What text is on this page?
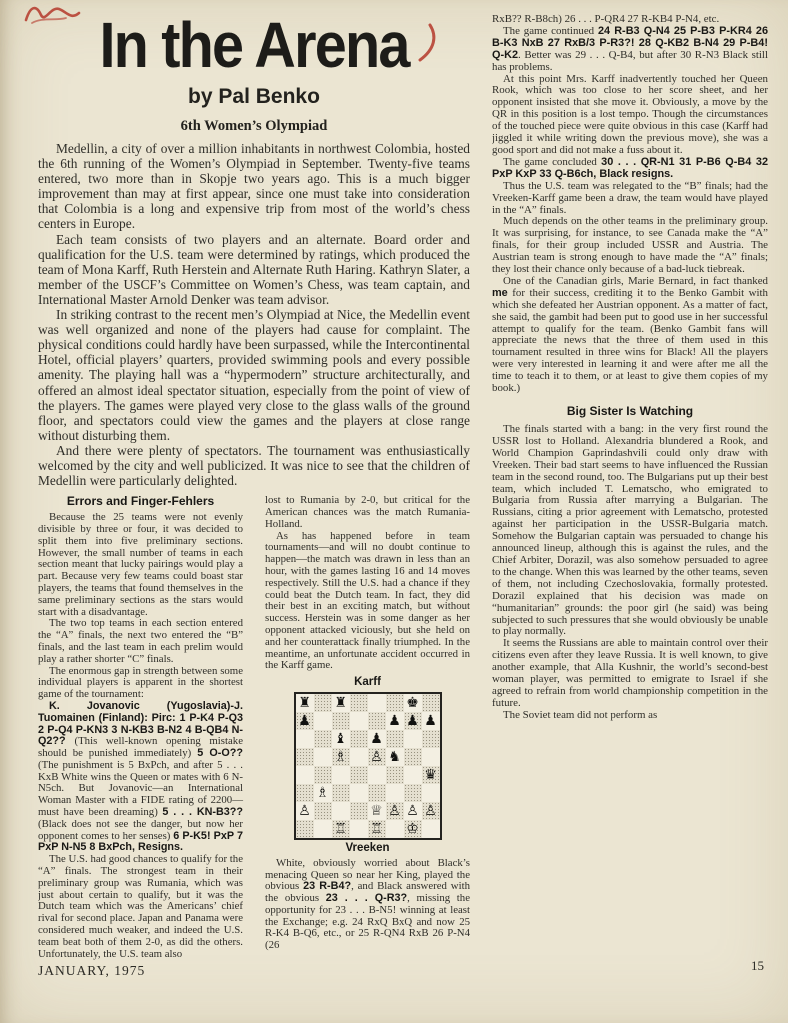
In the Arena
by Pal Benko
6th Women’s Olympiad

Medellin, a city of over a million inhabitants in northwest Colombia, hosted the 6th running of the Women’s Olympiad in September. Twenty-five teams entered, two more than in Skopje two years ago. This is a much bigger improvement than may at first appear, since one must take into consideration that Colombia is a long and expensive trip from most of the world’s chess centers in Europe.

Each team consists of two players and an alternate. Board order and qualification for the U.S. team were determined by ratings, which produced the team of Mona Karff, Ruth Herstein and Alternate Ruth Haring. Kathryn Slater, a member of the USCF’s Committee on Women’s Chess, was team captain, and International Master Arnold Denker was team advisor.

In striking contrast to the recent men’s Olympiad at Nice, the Medellin event was well organized and none of the players had cause for complaint. The physical conditions could hardly have been surpassed, while the Intercontinental Hotel, official players’ quarters, provided swimming pools and every possible amenity. The playing hall was a “hypermodern” structure architecturally, and offered an almost ideal spectator situation, especially from the point of view of the players. The games were played very close to the glass walls of the ground floor, and spectators could view the games and the players at close range without disturbing them.

And there were plenty of spectators. The tournament was enthusiastically welcomed by the city and well publicized. It was nice to see that the children of Medellin were particularly delighted.

Errors and Finger-Fehlers

Because the 25 teams were not evenly divisible by three or four, it was decided to split them into five preliminary sections. However, the small number of teams in each section meant that lucky pairings would play a part. Because very few teams could boast star players, the teams that found themselves in the same preliminary sections as the stars would start with a disadvantage.

The two top teams in each section entered the “A” finals, the next two entered the “B” finals, and the last team in each prelim would play a rather shorter “C” finals.

The enormous gap in strength between some individual players is apparent in the shortest game of the tournament:

K. Jovanovic (Yugoslavia)-J. Tuomainen (Finland): Pirc: 1 P-K4 P-Q3 2 P-Q4 P-KN3 3 N-KB3 B-N2 4 B-QB4 N-Q2?? (This well-known opening mistake should be punished immediately) 5 O-O?? (The punishment is 5 BxPch, and after 5 . . . KxB White wins the Queen or mates with 6 N-N5ch. But Jovanovic—an International Woman Master with a FIDE rating of 2200—must have been dreaming) 5 . . . KN-B3?? (Black does not see the danger, but now her opponent comes to her senses) 6 P-K5! PxP 7 PxP N-N5 8 BxPch, Resigns.

The U.S. had good chances to qualify for the “A” finals. The strongest team in their preliminary group was Rumania, which was just about certain to qualify, but it was the Dutch team which was the Americans’ chief rival for second place. Japan and Panama were considered much weaker, and indeed the U.S. team beat both of them 2-0, as did the others. Unfortunately, the U.S. team also

lost to Rumania by 2-0, but critical for the American chances was the match Rumania-Holland.

As has happened before in team tournaments—and will no doubt continue to happen—the match was drawn in less than an hour, with the games lasting 16 and 14 moves respectively. Still the U.S. had a chance if they could beat the Dutch team. In fact, they did their best in an exciting match, but without success. Herstein was in some danger as her opponent attacked viciously, but she held on and her counterattack finally triumphed. In the meantime, an unfortunate accident occurred in the Karff game.

Karff
♜ ♜	♚
♟	♟ ♟ ♟
♝ ♟
♗ ♙ ♞
♛
♗
♙	♕ ♙ ♙ ♙
♖ ♖ ♔
Vreeken

White, obviously worried about Black’s menacing Queen so near her King, played the obvious 23 R-B4?, and Black answered with the obvious 23 . . . Q-R3?, missing the opportunity for 23 . . . B-N5! winning at least the Exchange; e.g. 24 RxQ BxQ and now 25 R-K4 B-Q6, etc., or 25 R-QN4 RxB 26 P-N4 (26

RxB?? R-B8ch) 26 . . . P-QR4 27 R-KB4 P-N4, etc.

The game continued 24 R-B3 Q-N4 25 P-B3 P-KR4 26 B-K3 NxB 27 RxB/3 P-R3?! 28 Q-KB2 B-N4 29 P-B4! Q-K2. Better was 29 . . . Q-B4, but after 30 R-N3 Black still has problems.

At this point Mrs. Karff inadvertently touched her Queen Rook, which was too close to her score sheet, and her opponent insisted that she move it. Obviously, a move by the QR in this position is a lost tempo. Though the circumstances of the touched piece were quite obvious in this case (Karff had jiggled it while writing down the previous move), she was a good sport and did not make a fuss about it.

The game concluded 30 . . . QR-N1 31 P-B6 Q-B4 32 PxP KxP 33 Q-B6ch, Black resigns.

Thus the U.S. team was relegated to the “B” finals; had the Vreeken-Karff game been a draw, the team would have played in the “A” finals.

Much depends on the other teams in the preliminary group. It was surprising, for instance, to see Canada make the “A” finals, for their group included USSR and Austria. The Austrian team is strong enough to have made the “A” finals; they lost their chance only because of a bad-luck tiebreak.

One of the Canadian girls, Marie Bernard, in fact thanked me for their success, crediting it to the Benko Gambit with which she defeated her Austrian opponent. As a matter of fact, she said, the gambit had been put to good use in her successful attempt to qualify for the team. (Benko Gambit fans will appreciate the news that the three of them used in this tournament resulted in three wins for Black! All the players were very interested in learning it and were after me all the time to teach it to them, or at least to give them copies of my book.)

Big Sister Is Watching

The finals started with a bang: in the very first round the USSR lost to Holland. Alexandria blundered a Rook, and World Champion Gaprindashvili could only draw with Vreeken. Their bad start seems to have influenced the Russian team in the second round, too. The Bulgarians put up their best team, which included T. Lematscho, who emigrated to Bulgaria from Russia after marrying a Bulgarian. The Russians, citing a prior agreement with Lematscho, protested against her participation in the USSR-Bulgaria match. Somehow the Bulgarian captain was persuaded to change his announced lineup, although this is against the rules, and the Chief Arbiter, Dorazil, was also somehow persuaded to agree to the change. When this was learned by the other teams, seven of them, not including Czechoslovakia, formally protested. Dorazil explained that his decision was made on “humanitarian” grounds: the poor girl (he said) was being subjected to such pressures that she would obviously be unable to play normally.

It seems the Russians are able to maintain control over their citizens even after they leave Russia. It is well known, to give another example, that Alla Kushnir, the world’s second-best woman player, was permitted to emigrate to Israel if she agreed to refrain from world championship competition in the future.

The Soviet team did not perform as

JANUARY, 1975	15
